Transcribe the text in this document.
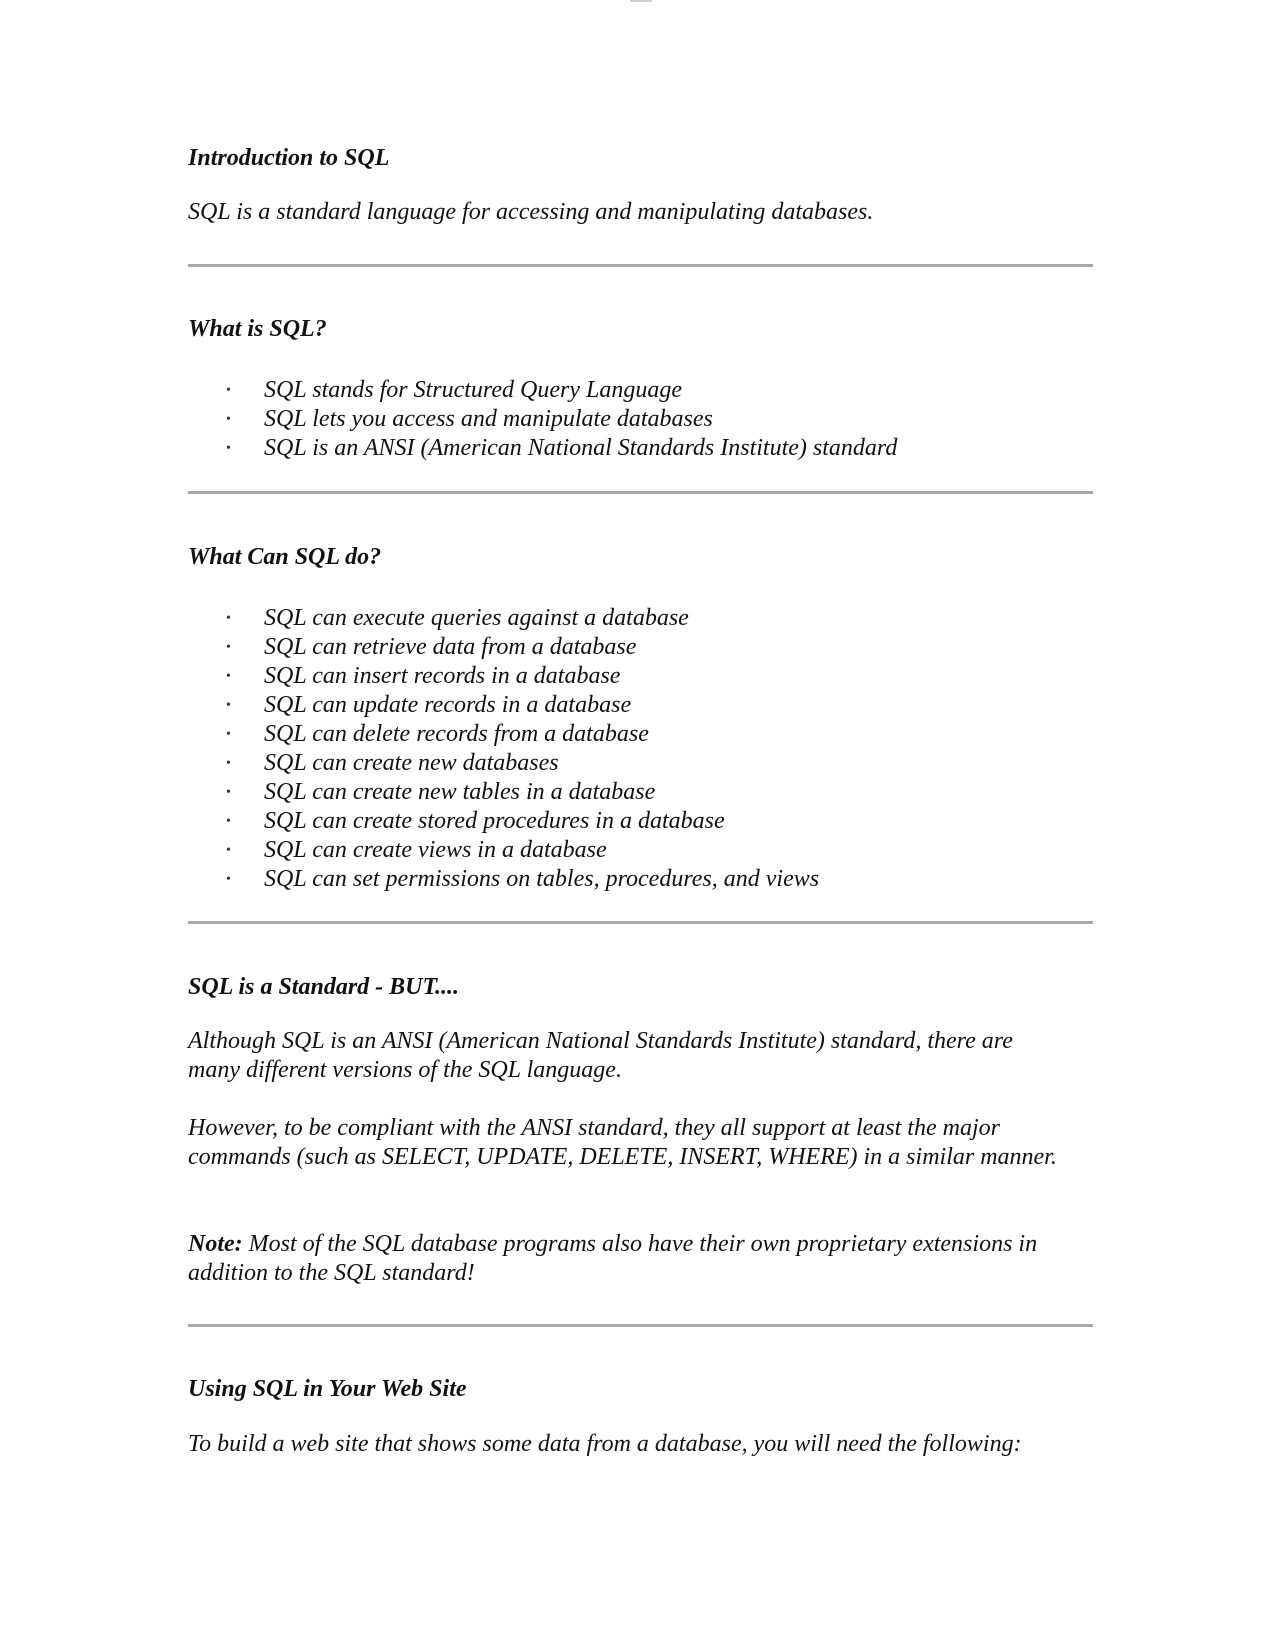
Introduction to SQL

SQL is a standard language for accessing and manipulating databases.

What is SQL?
• SQL stands for Structured Query Language
• SQL lets you access and manipulate databases
• SQL is an ANSI (American National Standards Institute) standard
What Can SQL do?
• SQL can execute queries against a database
• SQL can retrieve data from a database
• SQL can insert records in a database
• SQL can update records in a database
• SQL can delete records from a database
• SQL can create new databases
• SQL can create new tables in a database
• SQL can create stored procedures in a database
• SQL can create views in a database
• SQL can set permissions on tables, procedures, and views
SQL is a Standard - BUT....

Although SQL is an ANSI (American National Standards Institute) standard, there are many different versions of the SQL language.

However, to be compliant with the ANSI standard, they all support at least the major commands (such as SELECT, UPDATE, DELETE, INSERT, WHERE) in a similar manner.

Note: Most of the SQL database programs also have their own proprietary extensions in addition to the SQL standard!

Using SQL in Your Web Site

To build a web site that shows some data from a database, you will need the following:
